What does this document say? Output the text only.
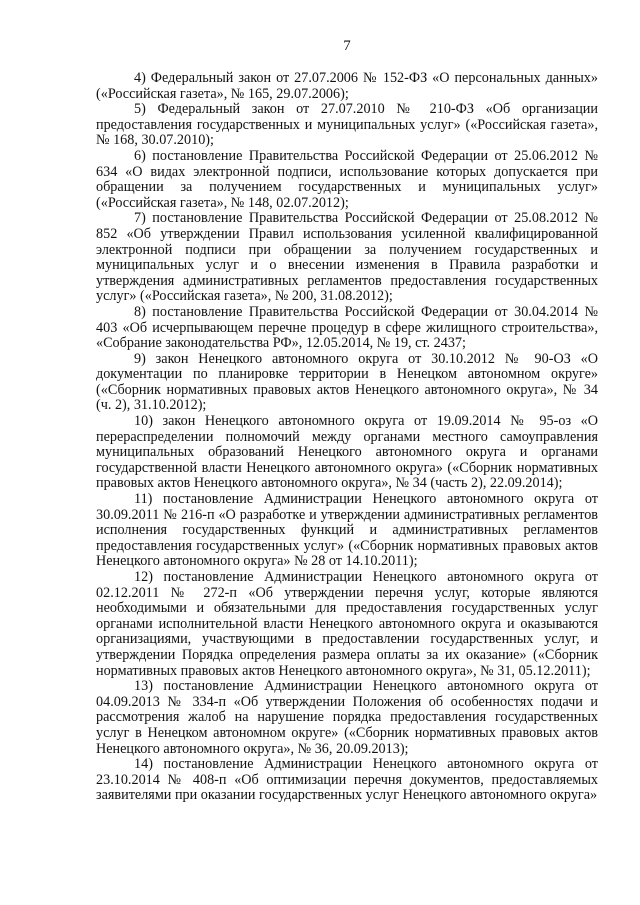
7

4) Федеральный закон от 27.07.2006 № 152-ФЗ «О персональных данных» («Российская газета», № 165, 29.07.2006);

5) Федеральный закон от 27.07.2010 № 210-ФЗ «Об организации предоставления государственных и муниципальных услуг» («Российская газета», № 168, 30.07.2010);

6) постановление Правительства Российской Федерации от 25.06.2012 № 634 «О видах электронной подписи, использование которых допускается при обращении за получением государственных и муниципальных услуг» («Российская газета», № 148, 02.07.2012);

7) постановление Правительства Российской Федерации от 25.08.2012 № 852 «Об утверждении Правил использования усиленной квалифицированной электронной подписи при обращении за получением государственных и муниципальных услуг и о внесении изменения в Правила разработки и утверждения административных регламентов предоставления государственных услуг» («Российская газета», № 200, 31.08.2012);

8) постановление Правительства Российской Федерации от 30.04.2014 № 403 «Об исчерпывающем перечне процедур в сфере жилищного строительства», «Собрание законодательства РФ», 12.05.2014, № 19, ст. 2437;

9) закон Ненецкого автономного округа от 30.10.2012 № 90-ОЗ «О документации по планировке территории в Ненецком автономном округе» («Сборник нормативных правовых актов Ненецкого автономного округа», № 34 (ч. 2), 31.10.2012);

10) закон Ненецкого автономного округа от 19.09.2014 № 95-оз «О перераспределении полномочий между органами местного самоуправления муниципальных образований Ненецкого автономного округа и органами государственной власти Ненецкого автономного округа» («Сборник нормативных правовых актов Ненецкого автономного округа», № 34 (часть 2), 22.09.2014);

11) постановление Администрации Ненецкого автономного округа от 30.09.2011 № 216-п «О разработке и утверждении административных регламентов исполнения государственных функций и административных регламентов предоставления государственных услуг» («Сборник нормативных правовых актов Ненецкого автономного округа» № 28 от 14.10.2011);

12) постановление Администрации Ненецкого автономного округа от 02.12.2011 № 272-п «Об утверждении перечня услуг, которые являются необходимыми и обязательными для предоставления государственных услуг органами исполнительной власти Ненецкого автономного округа и оказываются организациями, участвующими в предоставлении государственных услуг, и утверждении Порядка определения размера оплаты за их оказание» («Сборник нормативных правовых актов Ненецкого автономного округа», № 31, 05.12.2011);

13) постановление Администрации Ненецкого автономного округа от 04.09.2013 № 334-п «Об утверждении Положения об особенностях подачи и рассмотрения жалоб на нарушение порядка предоставления государственных услуг в Ненецком автономном округе» («Сборник нормативных правовых актов Ненецкого автономного округа», № 36, 20.09.2013);

14) постановление Администрации Ненецкого автономного округа от 23.10.2014 № 408-п «Об оптимизации перечня документов, предоставляемых заявителями при оказании государственных услуг Ненецкого автономного округа»
